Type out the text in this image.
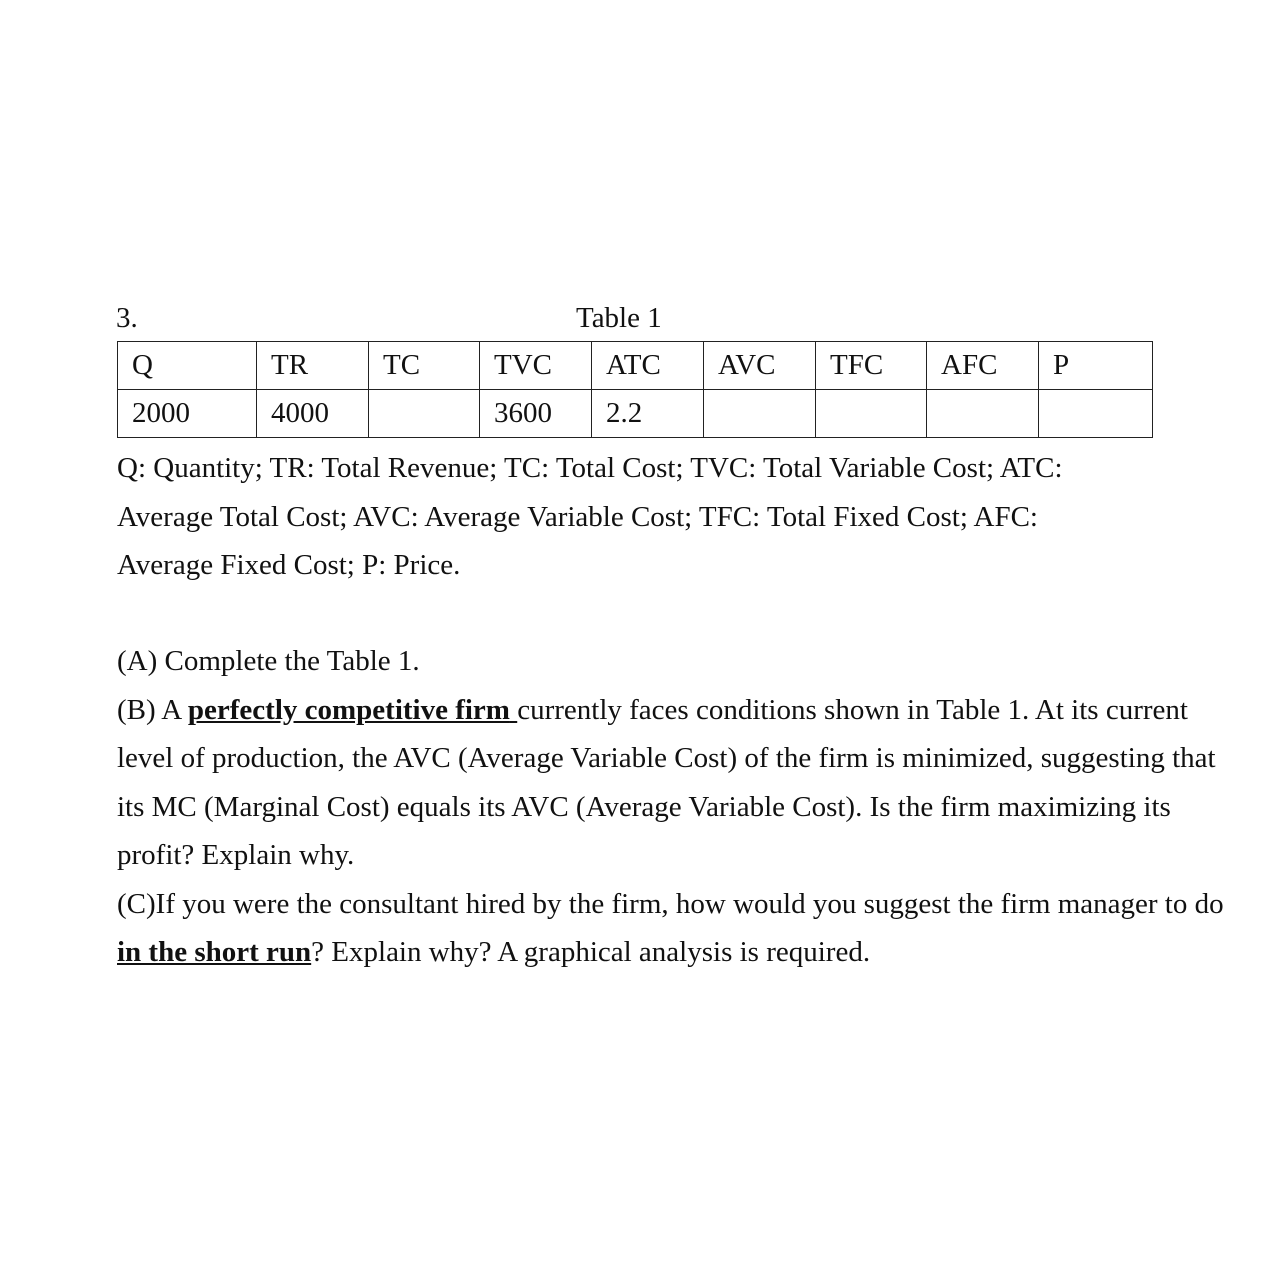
3.	Table 1
Q	TR	TC	TVC	ATC	AVC	TFC	AFC	P
2000	4000		3600	2.2				
Q: Quantity; TR: Total Revenue; TC: Total Cost; TVC: Total Variable Cost; ATC:
Average Total Cost; AVC: Average Variable Cost; TFC: Total Fixed Cost; AFC:
Average Fixed Cost; P: Price.

(A) Complete the Table 1.

(B) A perfectly competitive firm currently faces conditions shown in Table 1. At its current level of production, the AVC (Average Variable Cost) of the firm is minimized, suggesting that its MC (Marginal Cost) equals its AVC (Average Variable Cost). Is the firm maximizing its profit? Explain why.

(C)If you were the consultant hired by the firm, how would you suggest the firm manager to do in the short run? Explain why? A graphical analysis is required.
